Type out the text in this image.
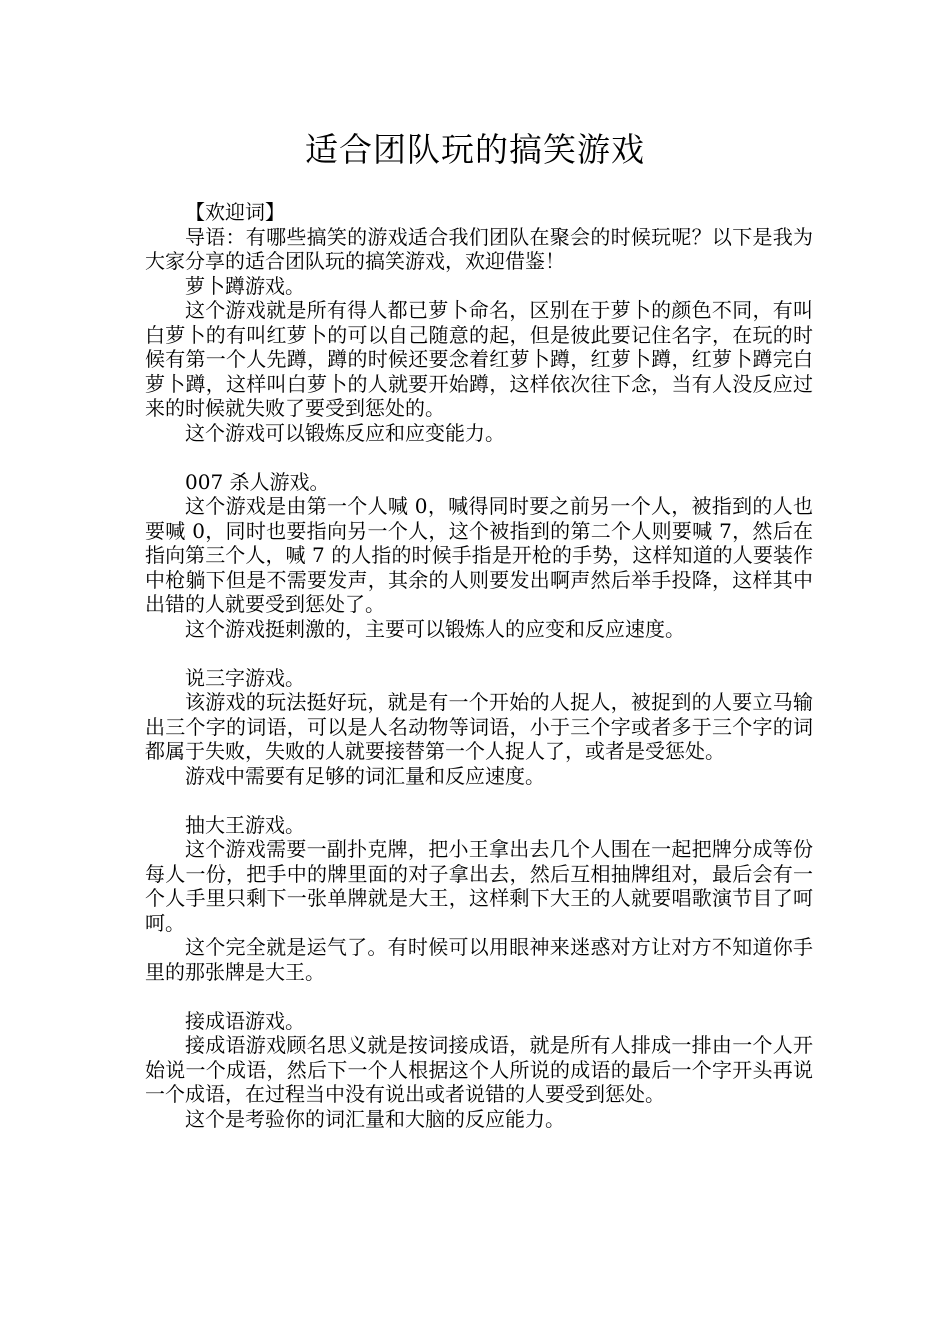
适合团队玩的搞笑游戏

【欢迎词】

导语：有哪些搞笑的游戏适合我们团队在聚会的时候玩呢？以下是我为大家分享的适合团队玩的搞笑游戏，欢迎借鉴！

萝卜蹲游戏。

这个游戏就是所有得人都已萝卜命名，区别在于萝卜的颜色不同，有叫白萝卜的有叫红萝卜的可以自己随意的起，但是彼此要记住名字，在玩的时候有第一个人先蹲，蹲的时候还要念着红萝卜蹲，红萝卜蹲，红萝卜蹲完白萝卜蹲，这样叫白萝卜的人就要开始蹲，这样依次往下念，当有人没反应过来的时候就失败了要受到惩处的。

这个游戏可以锻炼反应和应变能力。

007 杀人游戏。

这个游戏是由第一个人喊 0，喊得同时要之前另一个人，被指到的人也要喊 0，同时也要指向另一个人，这个被指到的第二个人则要喊 7，然后在指向第三个人，喊 7 的人指的时候手指是开枪的手势，这样知道的人要装作中枪躺下但是不需要发声，其余的人则要发出啊声然后举手投降，这样其中出错的人就要受到惩处了。

这个游戏挺刺激的，主要可以锻炼人的应变和反应速度。

说三字游戏。

该游戏的玩法挺好玩，就是有一个开始的人捉人，被捉到的人要立马输出三个字的词语，可以是人名动物等词语，小于三个字或者多于三个字的词都属于失败，失败的人就要接替第一个人捉人了，或者是受惩处。

游戏中需要有足够的词汇量和反应速度。

抽大王游戏。

这个游戏需要一副扑克牌，把小王拿出去几个人围在一起把牌分成等份每人一份，把手中的牌里面的对子拿出去，然后互相抽牌组对，最后会有一个人手里只剩下一张单牌就是大王，这样剩下大王的人就要唱歌演节目了呵呵。

这个完全就是运气了。有时候可以用眼神来迷惑对方让对方不知道你手里的那张牌是大王。

接成语游戏。

接成语游戏顾名思义就是按词接成语，就是所有人排成一排由一个人开始说一个成语，然后下一个人根据这个人所说的成语的最后一个字开头再说一个成语，在过程当中没有说出或者说错的人要受到惩处。

这个是考验你的词汇量和大脑的反应能力。
